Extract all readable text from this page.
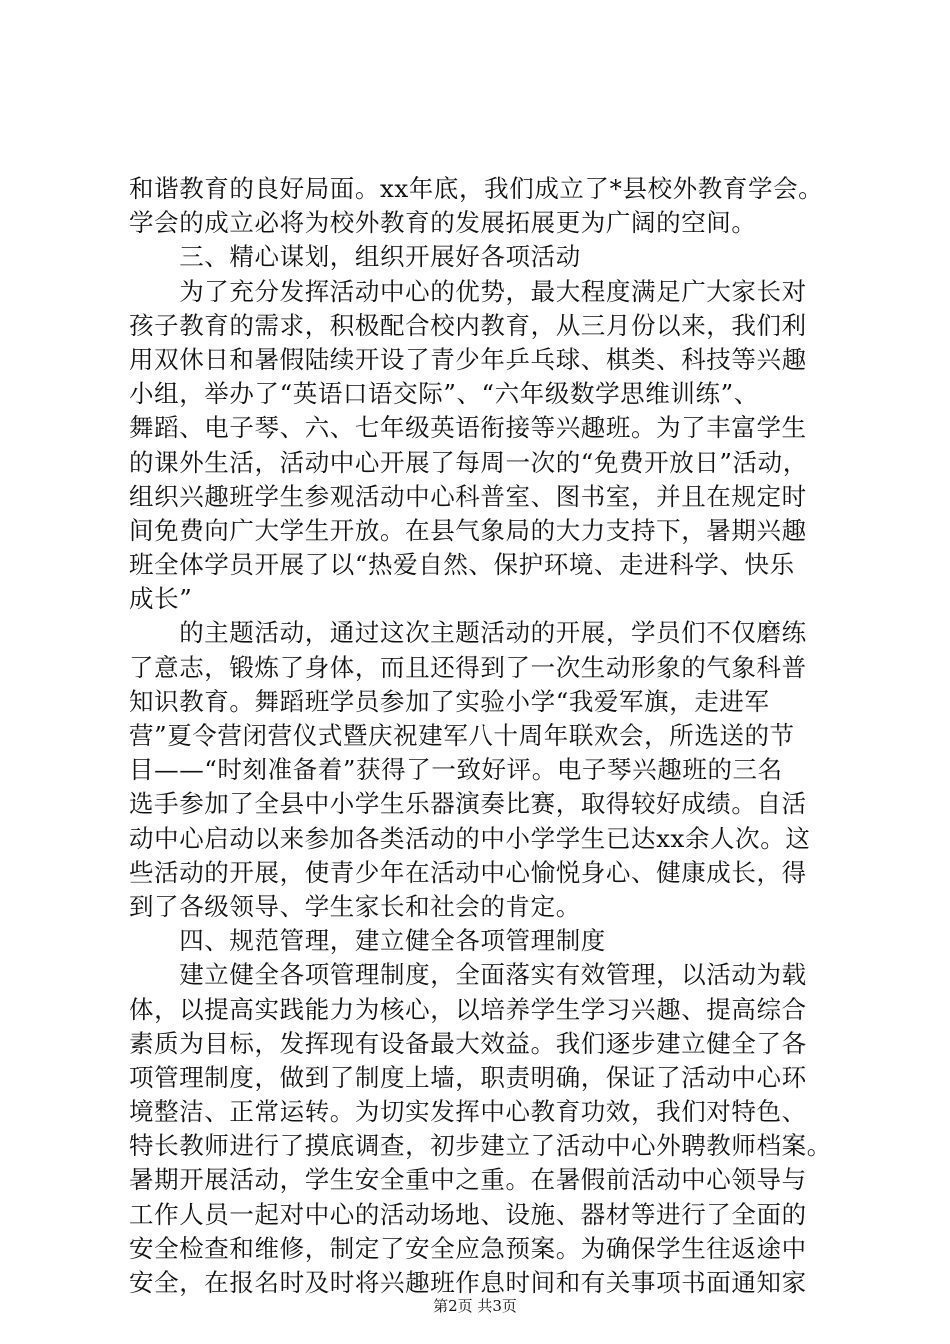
和谐教育的良好局面。xx年底，我们成立了*县校外教育学会。
学会的成立必将为校外教育的发展拓展更为广阔的空间。
　　三、精心谋划，组织开展好各项活动
　　为了充分发挥活动中心的优势，最大程度满足广大家长对
孩子教育的需求，积极配合校内教育，从三月份以来，我们利
用双休日和暑假陆续开设了青少年乒乓球、棋类、科技等兴趣
小组，举办了“英语口语交际”、“六年级数学思维训练”、
舞蹈、电子琴、六、七年级英语衔接等兴趣班。为了丰富学生
的课外生活，活动中心开展了每周一次的“免费开放日”活动，
组织兴趣班学生参观活动中心科普室、图书室，并且在规定时
间免费向广大学生开放。在县气象局的大力支持下，暑期兴趣
班全体学员开展了以“热爱自然、保护环境、走进科学、快乐
成长”
　　的主题活动，通过这次主题活动的开展，学员们不仅磨练
了意志，锻炼了身体，而且还得到了一次生动形象的气象科普
知识教育。舞蹈班学员参加了实验小学“我爱军旗，走进军
营”夏令营闭营仪式暨庆祝建军八十周年联欢会，所选送的节
目——“时刻准备着”获得了一致好评。电子琴兴趣班的三名
选手参加了全县中小学生乐器演奏比赛，取得较好成绩。自活
动中心启动以来参加各类活动的中小学学生已达xx余人次。这
些活动的开展，使青少年在活动中心愉悦身心、健康成长，得
到了各级领导、学生家长和社会的肯定。
　　四、规范管理，建立健全各项管理制度
　　建立健全各项管理制度，全面落实有效管理，以活动为载
体，以提高实践能力为核心，以培养学生学习兴趣、提高综合
素质为目标，发挥现有设备最大效益。我们逐步建立健全了各
项管理制度，做到了制度上墙，职责明确，保证了活动中心环
境整洁、正常运转。为切实发挥中心教育功效，我们对特色、
特长教师进行了摸底调查，初步建立了活动中心外聘教师档案。
暑期开展活动，学生安全重中之重。在暑假前活动中心领导与
工作人员一起对中心的活动场地、设施、器材等进行了全面的
安全检查和维修，制定了安全应急预案。为确保学生往返途中
安全，在报名时及时将兴趣班作息时间和有关事项书面通知家
第2页 共3页
